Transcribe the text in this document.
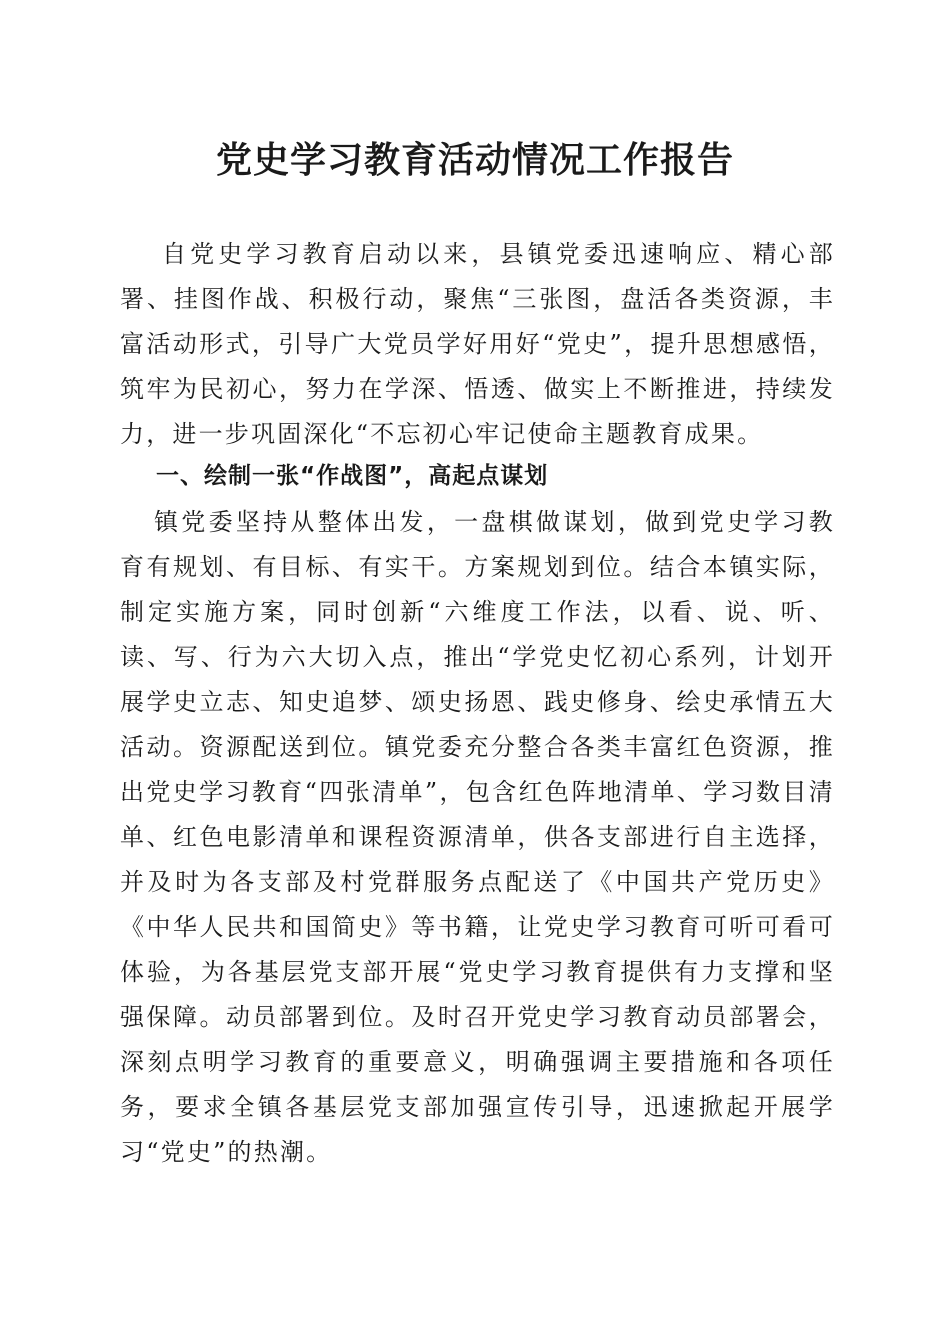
党史学习教育活动情况工作报告

自党史学习教育启动以来，县镇党委迅速响应、精心部署、挂图作战、积极行动，聚焦“三张图，盘活各类资源，丰富活动形式，引导广大党员学好用好“党史”，提升思想感悟，筑牢为民初心，努力在学深、悟透、做实上不断推进，持续发力，进一步巩固深化“不忘初心牢记使命主题教育成果。

一、绘制一张“作战图”，高起点谋划

镇党委坚持从整体出发，一盘棋做谋划，做到党史学习教育有规划、有目标、有实干。方案规划到位。结合本镇实际，制定实施方案，同时创新“六维度工作法，以看、说、听、读、写、行为六大切入点，推出“学党史忆初心系列，计划开展学史立志、知史追梦、颂史扬恩、践史修身、绘史承情五大活动。资源配送到位。镇党委充分整合各类丰富红色资源，推出党史学习教育“四张清单”，包含红色阵地清单、学习数目清单、红色电影清单和课程资源清单，供各支部进行自主选择，并及时为各支部及村党群服务点配送了《中国共产党历史》《中华人民共和国简史》等书籍，让党史学习教育可听可看可体验，为各基层党支部开展“党史学习教育提供有力支撑和坚强保障。动员部署到位。及时召开党史学习教育动员部署会，深刻点明学习教育的重要意义，明确强调主要措施和各项任务，要求全镇各基层党支部加强宣传引导，迅速掀起开展学习“党史”的热潮。
